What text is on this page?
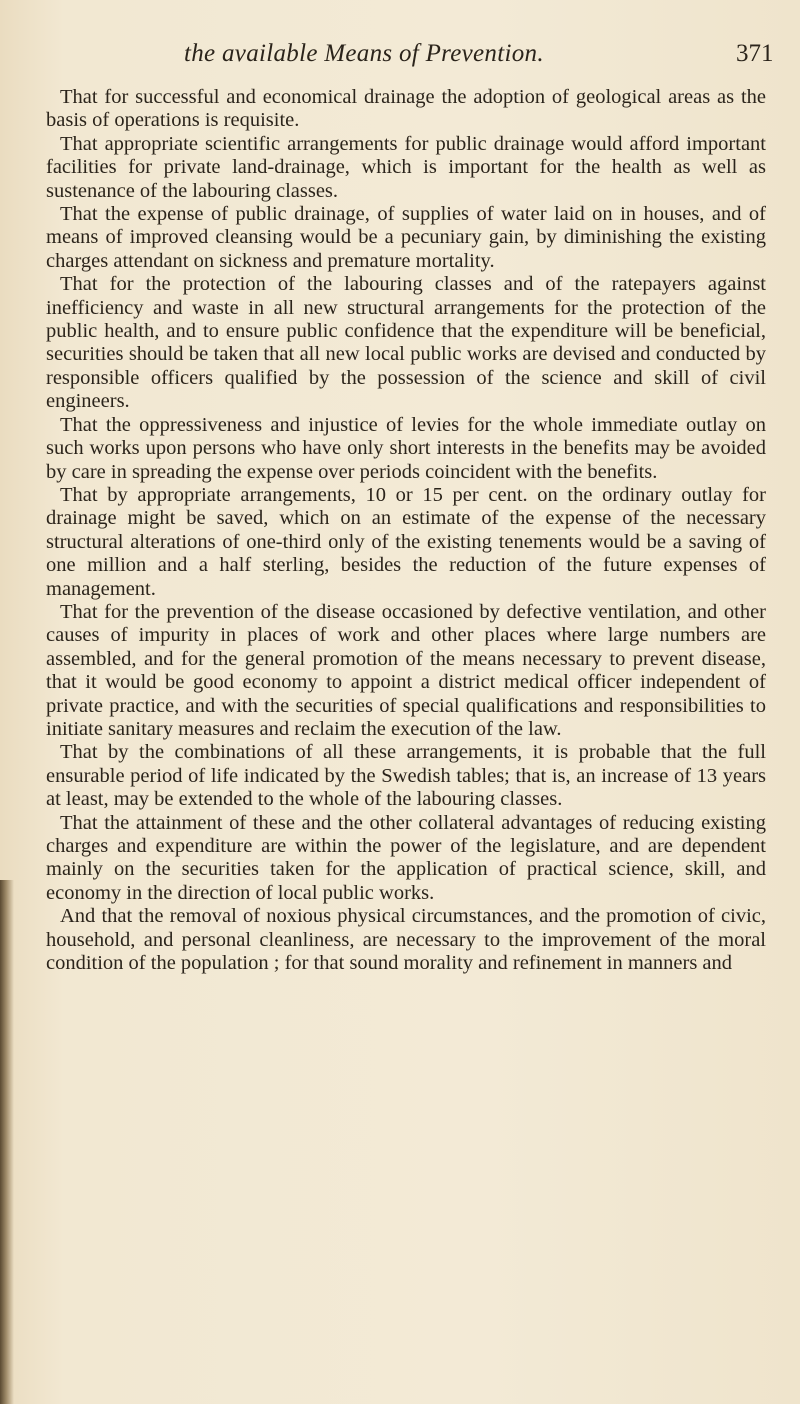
the available Means of Prevention.	371

That for successful and economical drainage the adoption of geological areas as the basis of operations is requisite.

That appropriate scientific arrangements for public drainage would afford important facilities for private land-drainage, which is important for the health as well as sustenance of the labouring classes.

That the expense of public drainage, of supplies of water laid on in houses, and of means of improved cleansing would be a pecuniary gain, by diminishing the existing charges attendant on sickness and premature mortality.

That for the protection of the labouring classes and of the ratepayers against inefficiency and waste in all new structural arrangements for the protection of the public health, and to ensure public confidence that the expenditure will be beneficial, securities should be taken that all new local public works are devised and conducted by responsible officers qualified by the possession of the science and skill of civil engineers.

That the oppressiveness and injustice of levies for the whole immediate outlay on such works upon persons who have only short interests in the benefits may be avoided by care in spreading the expense over periods coincident with the benefits.

That by appropriate arrangements, 10 or 15 per cent. on the ordinary outlay for drainage might be saved, which on an estimate of the expense of the necessary structural alterations of one-third only of the existing tenements would be a saving of one million and a half sterling, besides the reduction of the future expenses of management.

That for the prevention of the disease occasioned by defective ventilation, and other causes of impurity in places of work and other places where large numbers are assembled, and for the general promotion of the means necessary to prevent disease, that it would be good economy to appoint a district medical officer independent of private practice, and with the securities of special qualifications and responsibilities to initiate sanitary measures and reclaim the execution of the law.

That by the combinations of all these arrangements, it is probable that the full ensurable period of life indicated by the Swedish tables; that is, an increase of 13 years at least, may be extended to the whole of the labouring classes.

That the attainment of these and the other collateral advantages of reducing existing charges and expenditure are within the power of the legislature, and are dependent mainly on the securities taken for the application of practical science, skill, and economy in the direction of local public works.

And that the removal of noxious physical circumstances, and the promotion of civic, household, and personal cleanliness, are necessary to the improvement of the moral condition of the population ; for that sound morality and refinement in manners and
